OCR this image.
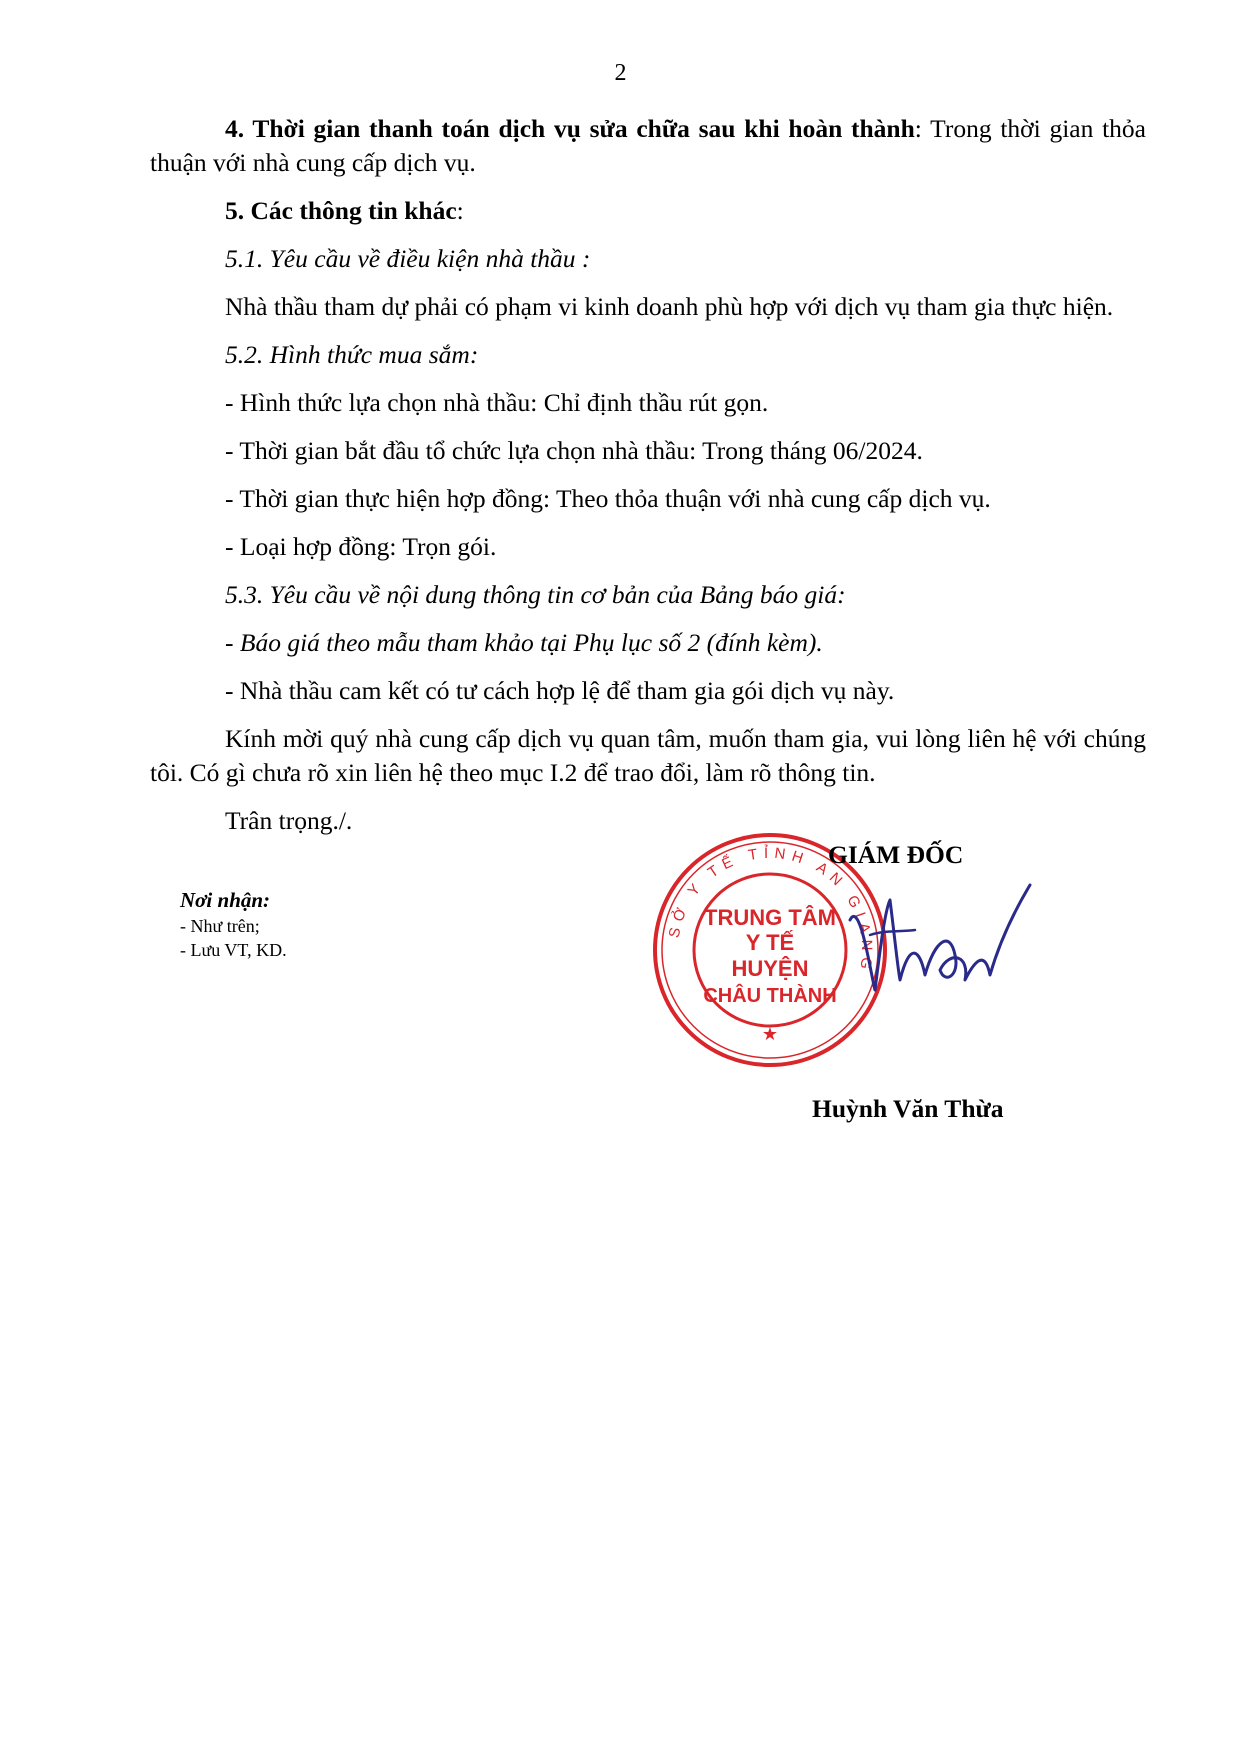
2

4. Thời gian thanh toán dịch vụ sửa chữa sau khi hoàn thành: Trong thời gian thỏa thuận với nhà cung cấp dịch vụ.

5. Các thông tin khác:

5.1. Yêu cầu về điều kiện nhà thầu :

Nhà thầu tham dự phải có phạm vi kinh doanh phù hợp với dịch vụ tham gia thực hiện.

5.2. Hình thức mua sắm:

- Hình thức lựa chọn nhà thầu: Chỉ định thầu rút gọn.

- Thời gian bắt đầu tổ chức lựa chọn nhà thầu: Trong tháng 06/2024.

- Thời gian thực hiện hợp đồng: Theo thỏa thuận với nhà cung cấp dịch vụ.

- Loại hợp đồng: Trọn gói.

5.3. Yêu cầu về nội dung thông tin cơ bản của Bảng báo giá:

- Báo giá theo mẫu tham khảo tại Phụ lục số 2 (đính kèm).

- Nhà thầu cam kết có tư cách hợp lệ để tham gia gói dịch vụ này.

Kính mời quý nhà cung cấp dịch vụ quan tâm, muốn tham gia, vui lòng liên hệ với chúng tôi. Có gì chưa rõ xin liên hệ theo mục I.2 để trao đổi, làm rõ thông tin.

Trân trọng./.

Nơi nhận:
- Như trên;
- Lưu VT, KD.
SỞ Y TẾ TỈNH AN GIANG
TRUNG TÂM
Y TẾ
HUYỆN
CHÂU THÀNH
★
GIÁM ĐỐC
Huỳnh Văn Thừa
